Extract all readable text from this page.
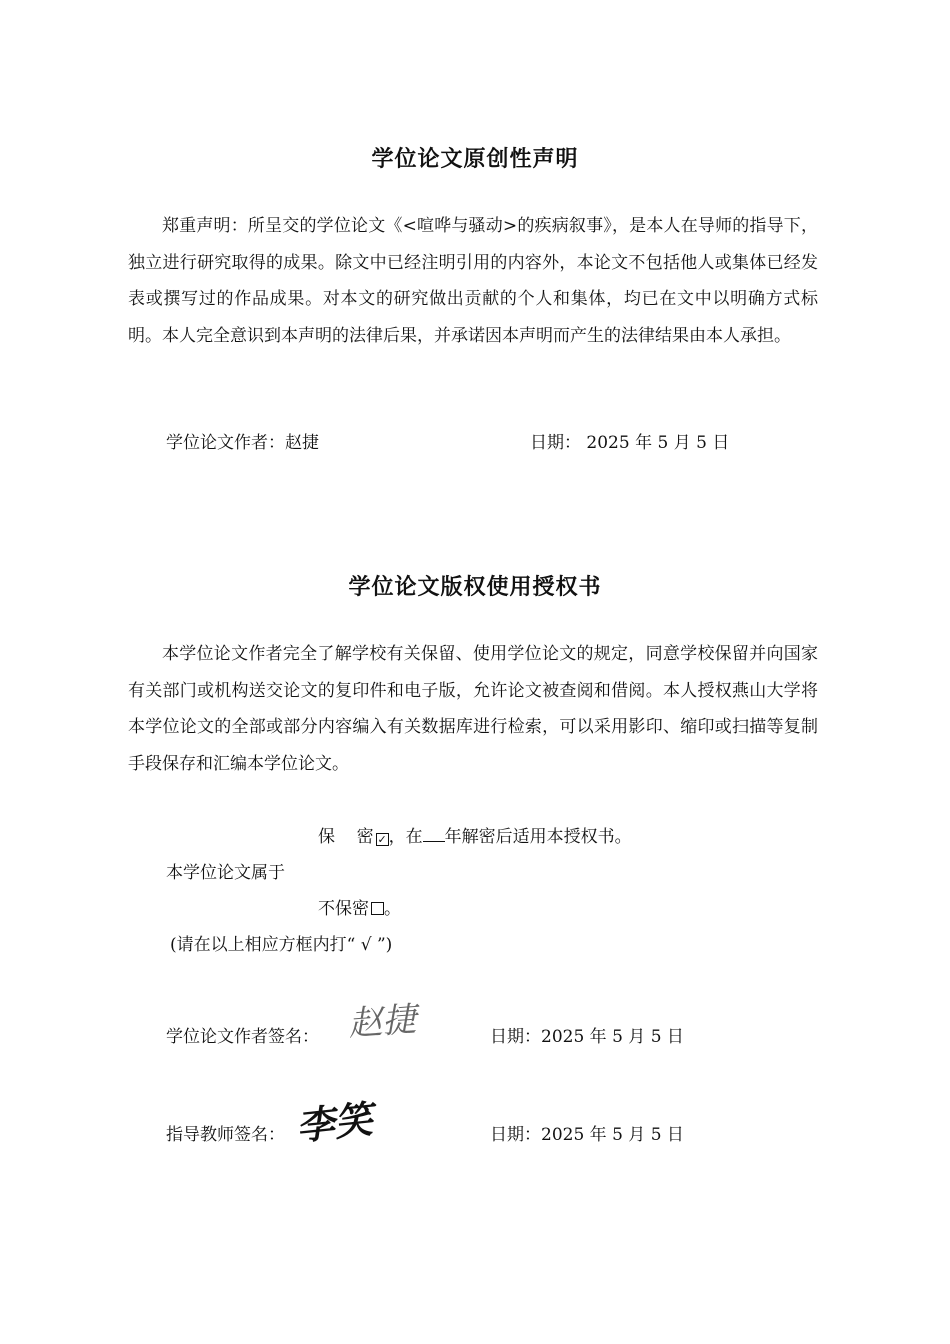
学位论文原创性声明

郑重声明：所呈交的学位论文《<喧哗与骚动>的疾病叙事》，是本人在导师的指导下，独立进行研究取得的成果。除文中已经注明引用的内容外，本论文不包括他人或集体已经发表或撰写过的作品成果。对本文的研究做出贡献的个人和集体，均已在文中以明确方式标明。本人完全意识到本声明的法律后果，并承诺因本声明而产生的法律结果由本人承担。

学位论文作者：赵捷	日期： 2025 年 5 月 5 日
学位论文版权使用授权书

本学位论文作者完全了解学校有关保留、使用学位论文的规定，同意学校保留并向国家有关部门或机构送交论文的复印件和电子版，允许论文被查阅和借阅。本人授权燕山大学将本学位论文的全部或部分内容编入有关数据库进行检索，可以采用影印、缩印或扫描等复制手段保存和汇编本学位论文。

保    密 ✓ ，在 年解密后适用本授权书。
本学位论文属于
不保密 。
(请在以上相应方框内打“ √ ”)
学位论文作者签名： 赵捷	日期：2025 年 5 月 5 日
指导教师签名： 李笑	日期：2025 年 5 月 5 日
